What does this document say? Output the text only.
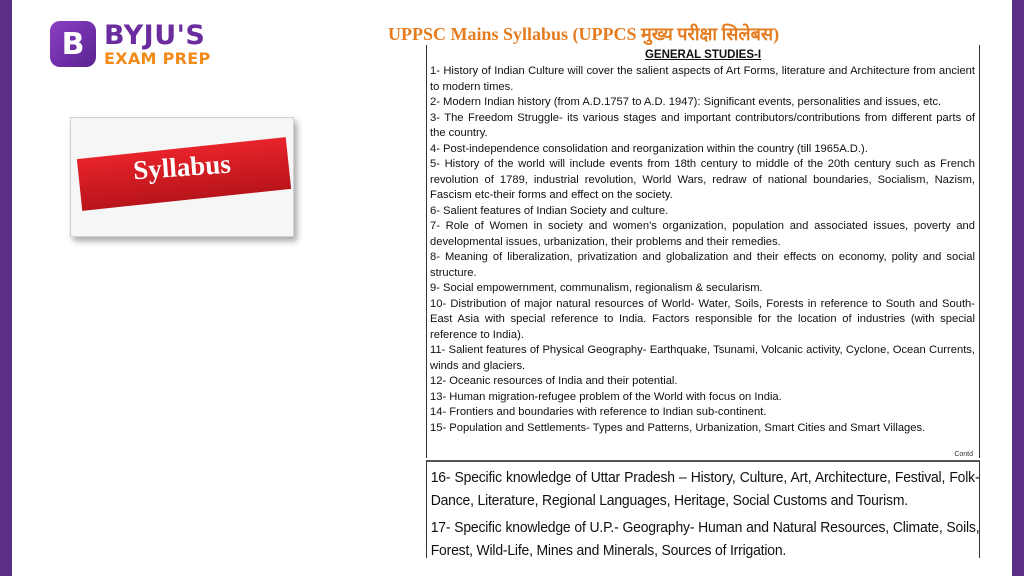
B BYJU'S
EXAM PREP
UPPSC Mains Syllabus (UPPCS मुख्य परीक्षा सिलेबस)
Syllabus
GENERAL STUDIES-I
1- History of Indian Culture will cover the salient aspects of Art Forms, literature and Architecture from ancient to modern times.
2- Modern Indian history (from A.D.1757 to A.D. 1947): Significant events, personalities and issues, etc.
3- The Freedom Struggle- its various stages and important contributors/contributions from different parts of the country.
4- Post-independence consolidation and reorganization within the country (till 1965A.D.).
5- History of the world will include events from 18th century to middle of the 20th century such as French revolution of 1789, industrial revolution, World Wars, redraw of national boundaries, Socialism, Nazism, Fascism etc-their forms and effect on the society.
6- Salient features of Indian Society and culture.
7- Role of Women in society and women's organization, population and associated issues, poverty and developmental issues, urbanization, their problems and their remedies.
8- Meaning of liberalization, privatization and globalization and their effects on economy, polity and social structure.
9- Social empowernment, communalism, regionalism & secularism.
10- Distribution of major natural resources of World- Water, Soils, Forests in reference to South and South-East Asia with special reference to India. Factors responsible for the location of industries (with special reference to India).
11- Salient features of Physical Geography- Earthquake, Tsunami, Volcanic activity, Cyclone, Ocean Currents, winds and glaciers.
12- Oceanic resources of India and their potential.
13- Human migration-refugee problem of the World with focus on India.
14- Frontiers and boundaries with reference to Indian sub-continent.
15- Population and Settlements- Types and Patterns, Urbanization, Smart Cities and Smart Villages.
Contd
16- Specific knowledge of Uttar Pradesh – History, Culture, Art, Architecture, Festival, Folk-Dance, Literature, Regional Languages, Heritage, Social Customs and Tourism.
17- Specific knowledge of U.P.- Geography- Human and Natural Resources, Climate, Soils, Forest, Wild-Life, Mines and Minerals, Sources of Irrigation.
